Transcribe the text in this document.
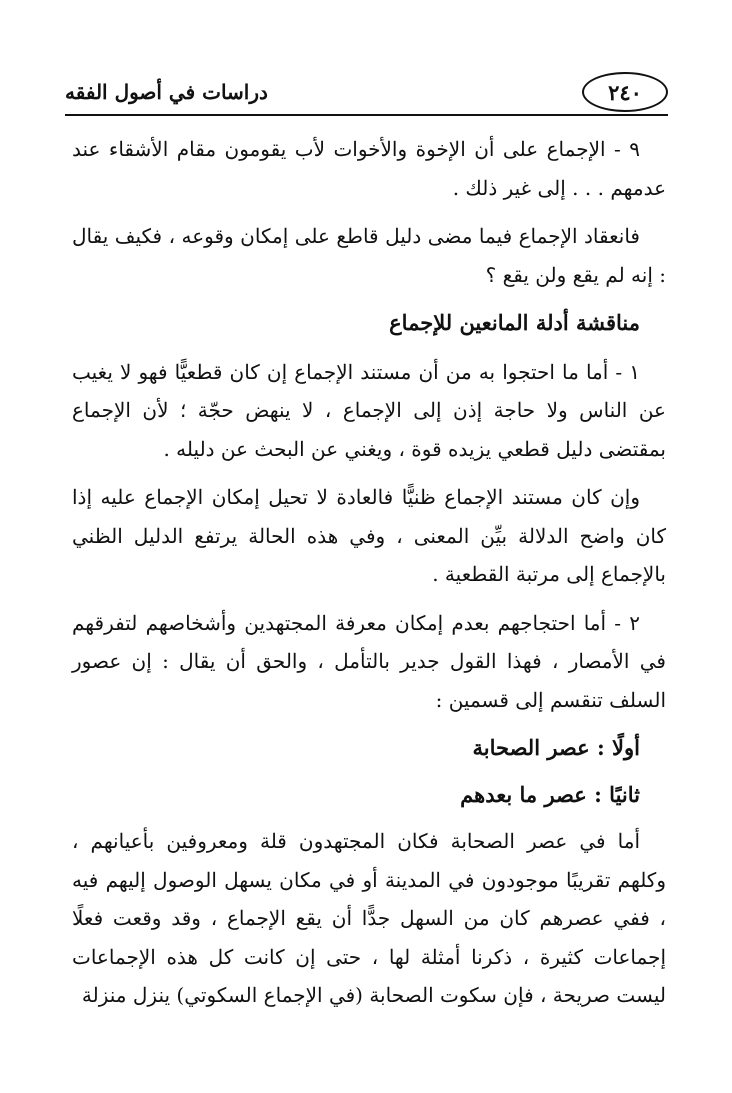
٢٤٠
دراسات في أصول الفقه

٩ - الإجماع على أن الإخوة والأخوات لأب يقومون مقام الأشقاء عند عدمهم . . . إلى غير ذلك .

فانعقاد الإجماع فيما مضى دليل قاطع على إمكان وقوعه ، فكيف يقال : إنه لم يقع ولن يقع ؟

مناقشة أدلة المانعين للإجماع

١ - أما ما احتجوا به من أن مستند الإجماع إن كان قطعيًّا فهو لا يغيب عن الناس ولا حاجة إذن إلى الإجماع ، لا ينهض حجّة ؛ لأن الإجماع بمقتضى دليل قطعي يزيده قوة ، ويغني عن البحث عن دليله .

وإن كان مستند الإجماع ظنيًّا فالعادة لا تحيل إمكان الإجماع عليه إذا كان واضح الدلالة بيِّن المعنى ، وفي هذه الحالة يرتفع الدليل الظني بالإجماع إلى مرتبة القطعية .

٢ - أما احتجاجهم بعدم إمكان معرفة المجتهدين وأشخاصهم لتفرقهم في الأمصار ، فهذا القول جدير بالتأمل ، والحق أن يقال : إن عصور السلف تنقسم إلى قسمين :

أولًا : عصر الصحابة
ثانيًا : عصر ما بعدهم

أما في عصر الصحابة فكان المجتهدون قلة ومعروفين بأعيانهم ، وكلهم تقريبًا موجودون في المدينة أو في مكان يسهل الوصول إليهم فيه ، ففي عصرهم كان من السهل جدًّا أن يقع الإجماع ، وقد وقعت فعلًا إجماعات كثيرة ، ذكرنا أمثلة لها ، حتى إن كانت كل هذه الإجماعات ليست صريحة ، فإن سكوت الصحابة (في الإجماع السكوتي) ينزل منزلة
